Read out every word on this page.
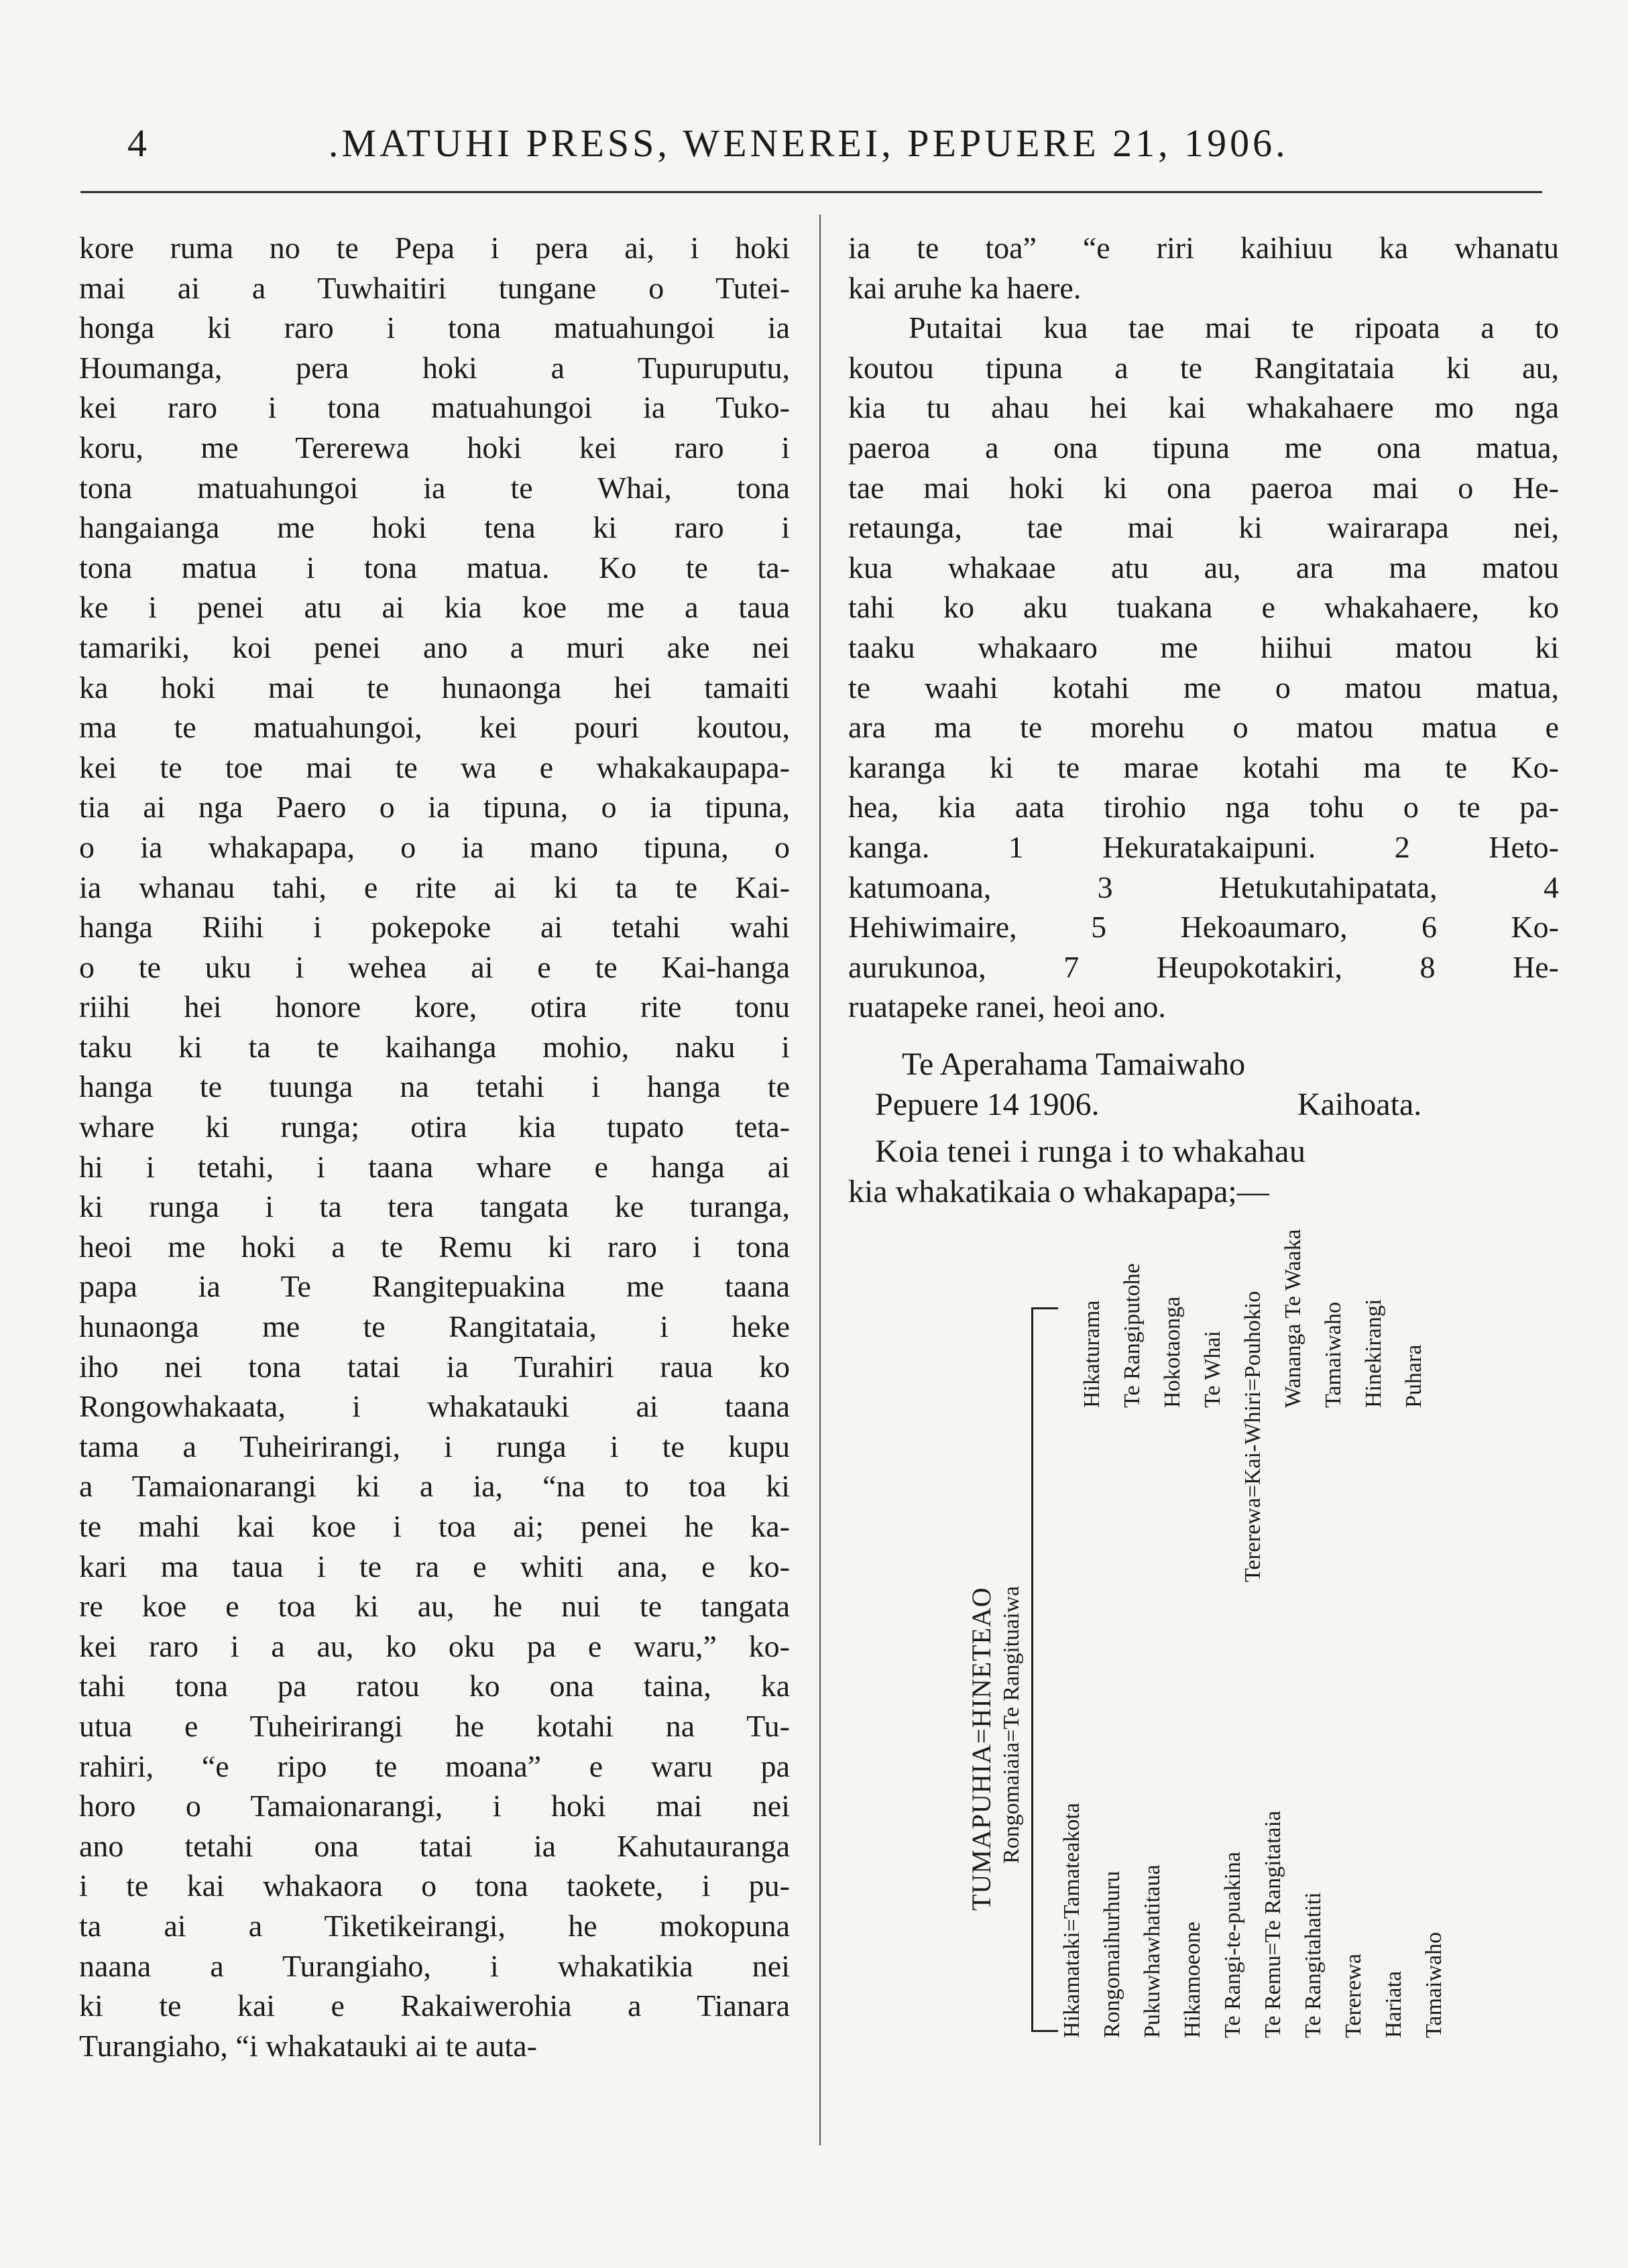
4	.MATUHI PRESS, WENEREI, PEPUERE 21, 1906.
kore ruma no te Pepa i pera ai, i hoki
mai ai a Tuwhaitiri tungane o Tutei-
honga ki raro i tona matuahungoi ia
Houmanga, pera hoki a Tupuruputu,
kei raro i tona matuahungoi ia Tuko-
koru, me Tererewa hoki kei raro i
tona matuahungoi ia te Whai, tona
hangaianga me hoki tena ki raro i
tona matua i tona matua. Ko te ta-
ke i penei atu ai kia koe me a taua
tamariki, koi penei ano a muri ake nei
ka hoki mai te hunaonga hei tamaiti
ma te matuahungoi, kei pouri koutou,
kei te toe mai te wa e whakakaupapa-
tia ai nga Paero o ia tipuna, o ia tipuna,
o ia whakapapa, o ia mano tipuna, o
ia whanau tahi, e rite ai ki ta te Kai-
hanga Riihi i pokepoke ai tetahi wahi
o te uku i wehea ai e te Kai-hanga
riihi hei honore kore, otira rite tonu
taku ki ta te kaihanga mohio, naku i
hanga te tuunga na tetahi i hanga te
whare ki runga; otira kia tupato teta-
hi i tetahi, i taana whare e hanga ai
ki runga i ta tera tangata ke turanga,
heoi me hoki a te Remu ki raro i tona
papa ia Te Rangitepuakina me taana
hunaonga me te Rangitataia, i heke
iho nei tona tatai ia Turahiri raua ko
Rongowhakaata, i whakatauki ai taana
tama a Tuheirirangi, i runga i te kupu
a Tamaionarangi ki a ia, “na to toa ki
te mahi kai koe i toa ai; penei he ka-
kari ma taua i te ra e whiti ana, e ko-
re koe e toa ki au, he nui te tangata
kei raro i a au, ko oku pa e waru,” ko-
tahi tona pa ratou ko ona taina, ka
utua e Tuheirirangi he kotahi na Tu-
rahiri, “e ripo te moana” e waru pa
horo o Tamaionarangi, i hoki mai nei
ano tetahi ona tatai ia Kahutauranga
i te kai whakaora o tona taokete, i pu-
ta ai a Tiketikeirangi, he mokopuna
naana a Turangiaho, i whakatikia nei
ki te kai e Rakaiwerohia a Tianara
Turangiaho, “i whakatauki ai te auta-
ia te toa” “e riri kaihiuu ka whanatu
kai aruhe ka haere.
Putaitai kua tae mai te ripoata a to
koutou tipuna a te Rangitataia ki au,
kia tu ahau hei kai whakahaere mo nga
paeroa a ona tipuna me ona matua,
tae mai hoki ki ona paeroa mai o He-
retaunga, tae mai ki wairarapa nei,
kua whakaae atu au, ara ma matou
tahi ko aku tuakana e whakahaere, ko
taaku whakaaro me hiihui matou ki
te waahi kotahi me o matou matua,
ara ma te morehu o matou matua e
karanga ki te marae kotahi ma te Ko-
hea, kia aata tirohio nga tohu o te pa-
kanga. 1 Hekuratakaipuni. 2 Heto-
katumoana, 3 Hetukutahipatata, 4
Hehiwimaire, 5 Hekoaumaro, 6 Ko-
aurukunoa, 7 Heupokotakiri, 8 He-
ruatapeke ranei, heoi ano.
Te Aperahama Tamaiwaho
Pepuere 14 1906.	Kaihoata.
Koia tenei i runga i to whakahau
kia whakatikaia o whakapapa;—
TUMAPUHIA=HINETEAO Rongomaiaia=Te Rangituaiwa
Hikamataki=Tamateakota Rongomaihurhuru Pukuwhawhatitaua Hikamoeone Te Rangi-te-puakina Te Remu=Te Rangitataia Te Rangitahatiti Tererewa Hariata Tamaiwaho
Hikaturama Te Rangiputohe Hokotaonga Te Whai Tererewa=Kai-Whiri=Pouhokio Wananga Te Waaka Tamaiwaho Hinekirangi Puhara
